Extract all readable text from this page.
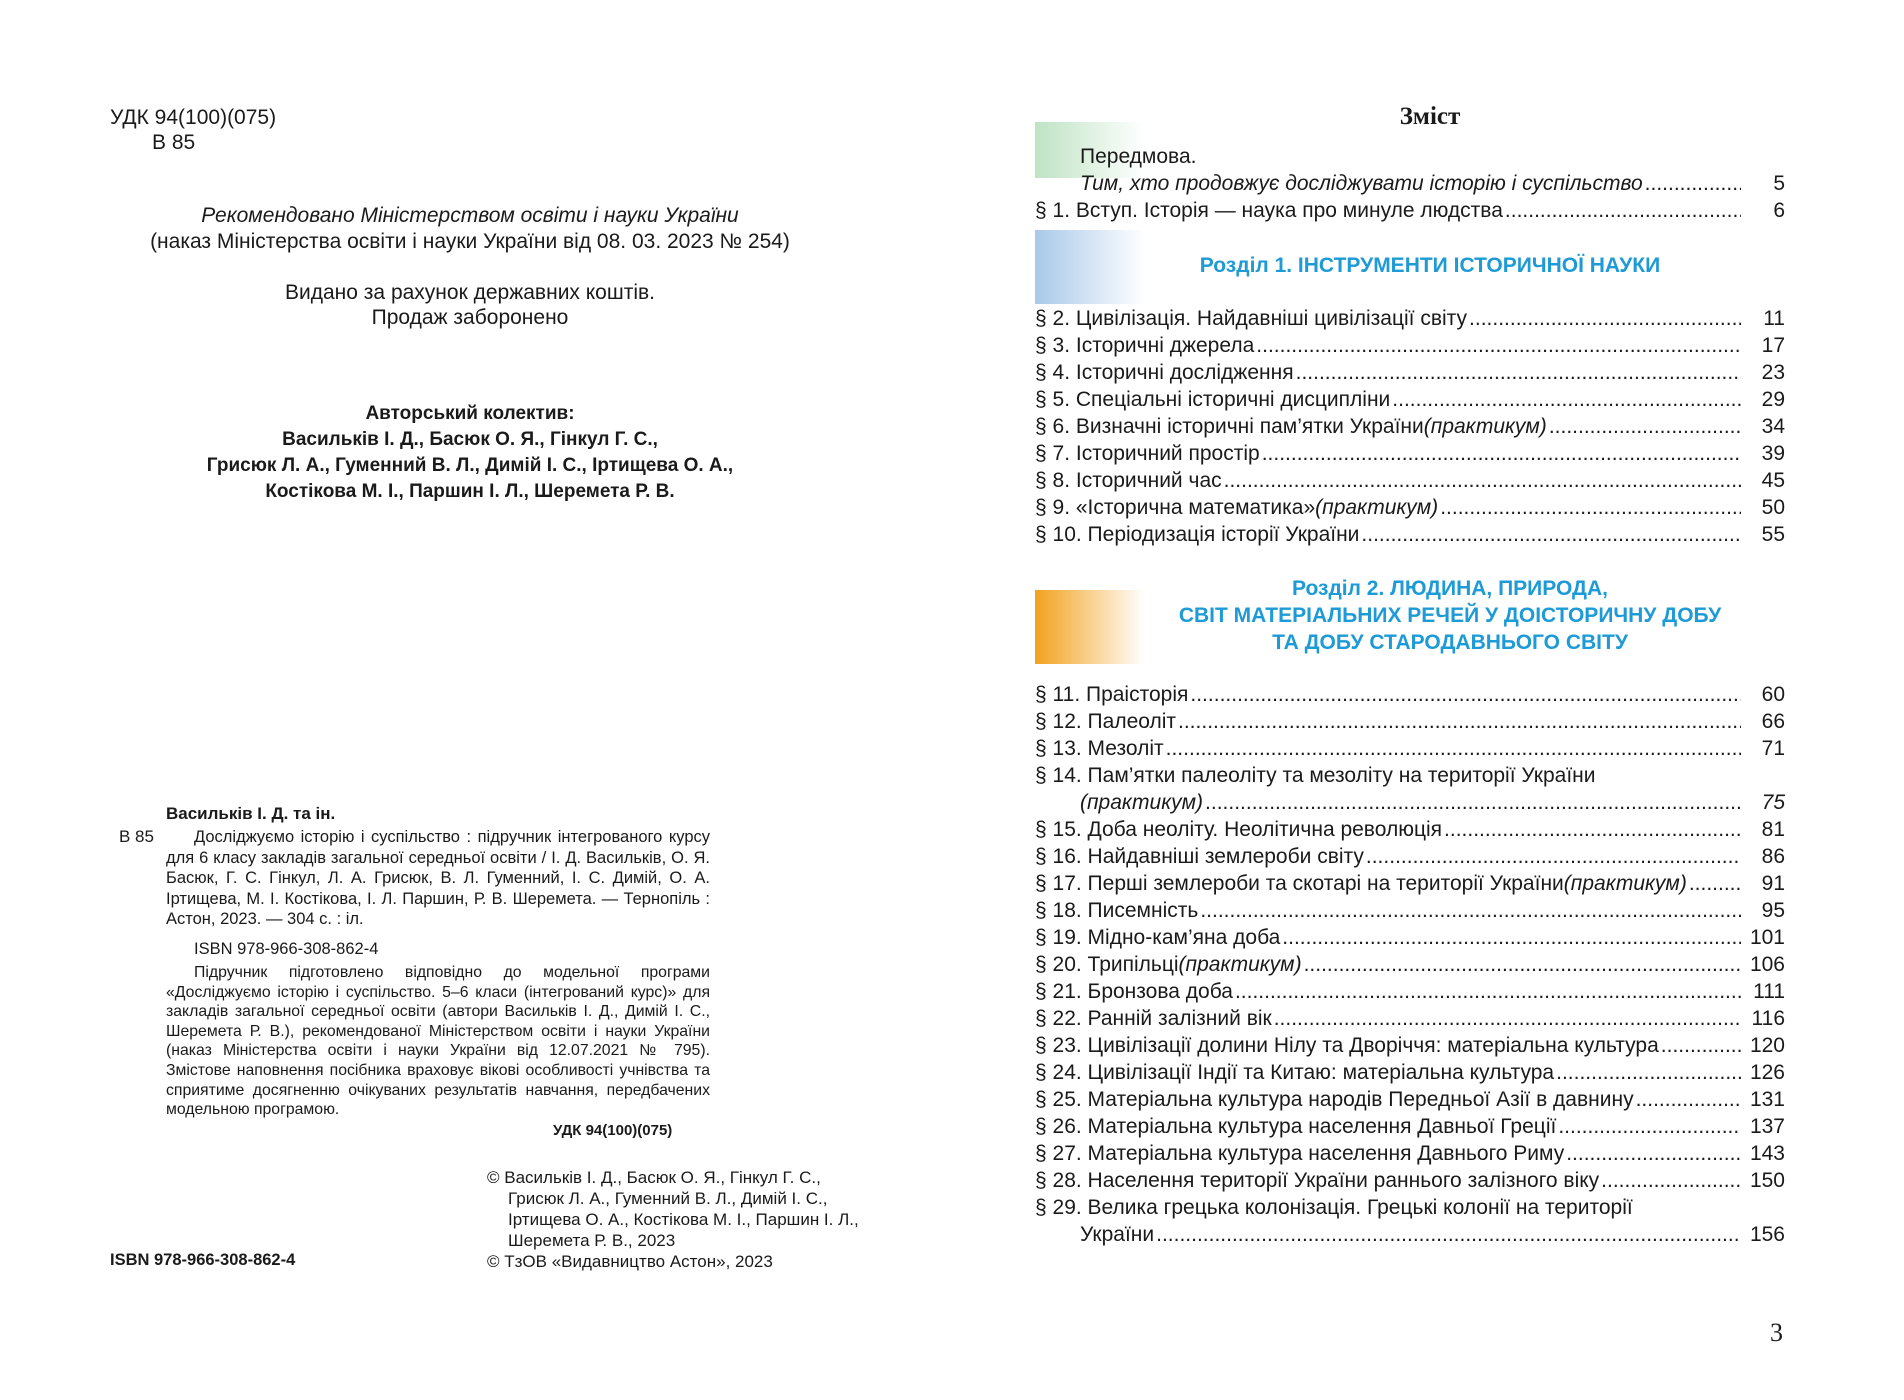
УДК 94(100)(075)
В 85
Рекомендовано Міністерством освіти і науки України
(наказ Міністерства освіти і науки України від 08. 03. 2023 № 254)
Видано за рахунок державних коштів.
Продаж заборонено
Авторський колектив:
Васильків І. Д., Басюк О. Я., Гінкул Г. С.,
Грисюк Л. А., Гуменний В. Л., Димій І. С., Іртищева О. А.,
Костікова М. І., Паршин І. Л., Шеремета Р. В.
Васильків І. Д. та ін.
В 85	Досліджуємо історію і суспільство : підручник інтегрованого курсу для 6 класу закладів загальної середньої освіти / І. Д. Васильків, О. Я. Басюк, Г. С. Гінкул, Л. А. Грисюк, В. Л. Гуменний, І. С. Димій, О. А. Іртищева, М. І. Костікова, І. Л. Паршин, Р. В. Шеремета. — Тернопіль : Астон, 2023. — 304 с. : іл.
ISBN 978-966-308-862-4
Підручник підготовлено відповідно до модельної програми «Досліджуємо історію і суспільство. 5–6 класи (інтегрований курс)» для закладів загальної середньої освіти (автори Васильків І. Д., Димій І. С., Шеремета Р. В.), рекомендованої Міністерством освіти і науки України (наказ Міністерства освіти і науки України від 12.07.2021 № 795). Змістове наповнення посібника враховує вікові особливості учнівства та сприятиме досягненню очікуваних результатів навчання, передбачених модельною програмою.
УДК 94(100)(075)
© Васильків І. Д., Басюк О. Я., Гінкул Г. С.,
Грисюк Л. А., Гуменний В. Л., Димій І. С.,
Іртищева О. А., Костікова М. І., Паршин І. Л.,
Шеремета Р. В., 2023
© ТзОВ «Видавництво Астон», 2023
ISBN 978-966-308-862-4
Зміст
Передмова.
Тим, хто продовжує досліджувати історію і суспільство .....	5
§ 1. Вступ. Історія — наука про минуле людства .....	6
Розділ 1. ІНСТРУМЕНТИ ІСТОРИЧНОЇ НАУКИ
§ 2. Цивілізація. Найдавніші цивілізації світу .....	11
§ 3. Історичні джерела .....	17
§ 4. Історичні дослідження .....	23
§ 5. Спеціальні історичні дисципліни .....	29
§ 6. Визначні історичні пам’ятки України (практикум) .....	34
§ 7. Історичний простір .....	39
§ 8. Історичний час .....	45
§ 9. «Історична математика» (практикум) .....	50
§ 10. Періодизація історії України .....	55
Розділ 2. ЛЮДИНА, ПРИРОДА,
СВІТ МАТЕРІАЛЬНИХ РЕЧЕЙ У ДОІСТОРИЧНУ ДОБУ
ТА ДОБУ СТАРОДАВНЬОГО СВІТУ
§ 11. Праісторія .....	60
§ 12. Палеоліт .....	66
§ 13. Мезоліт .....	71
§ 14. Пам’ятки палеоліту та мезоліту на території України
(практикум) .....	75
§ 15. Доба неоліту. Неолітична революція .....	81
§ 16. Найдавніші землероби світу .....	86
§ 17. Перші землероби та скотарі на території України (практикум) .....	91
§ 18. Писемність .....	95
§ 19. Мідно-кам’яна доба .....	101
§ 20. Трипільці (практикум) .....	106
§ 21. Бронзова доба .....	111
§ 22. Ранній залізний вік .....	116
§ 23. Цивілізації долини Нілу та Дворіччя: матеріальна культура .....	120
§ 24. Цивілізації Індії та Китаю: матеріальна культура .....	126
§ 25. Матеріальна культура народів Передньої Азії в давнину .....	131
§ 26. Матеріальна культура населення Давньої Греції .....	137
§ 27. Матеріальна культура населення Давнього Риму .....	143
§ 28. Населення території України раннього залізного віку .....	150
§ 29. Велика грецька колонізація. Грецькі колонії на території
України .....	156
3
